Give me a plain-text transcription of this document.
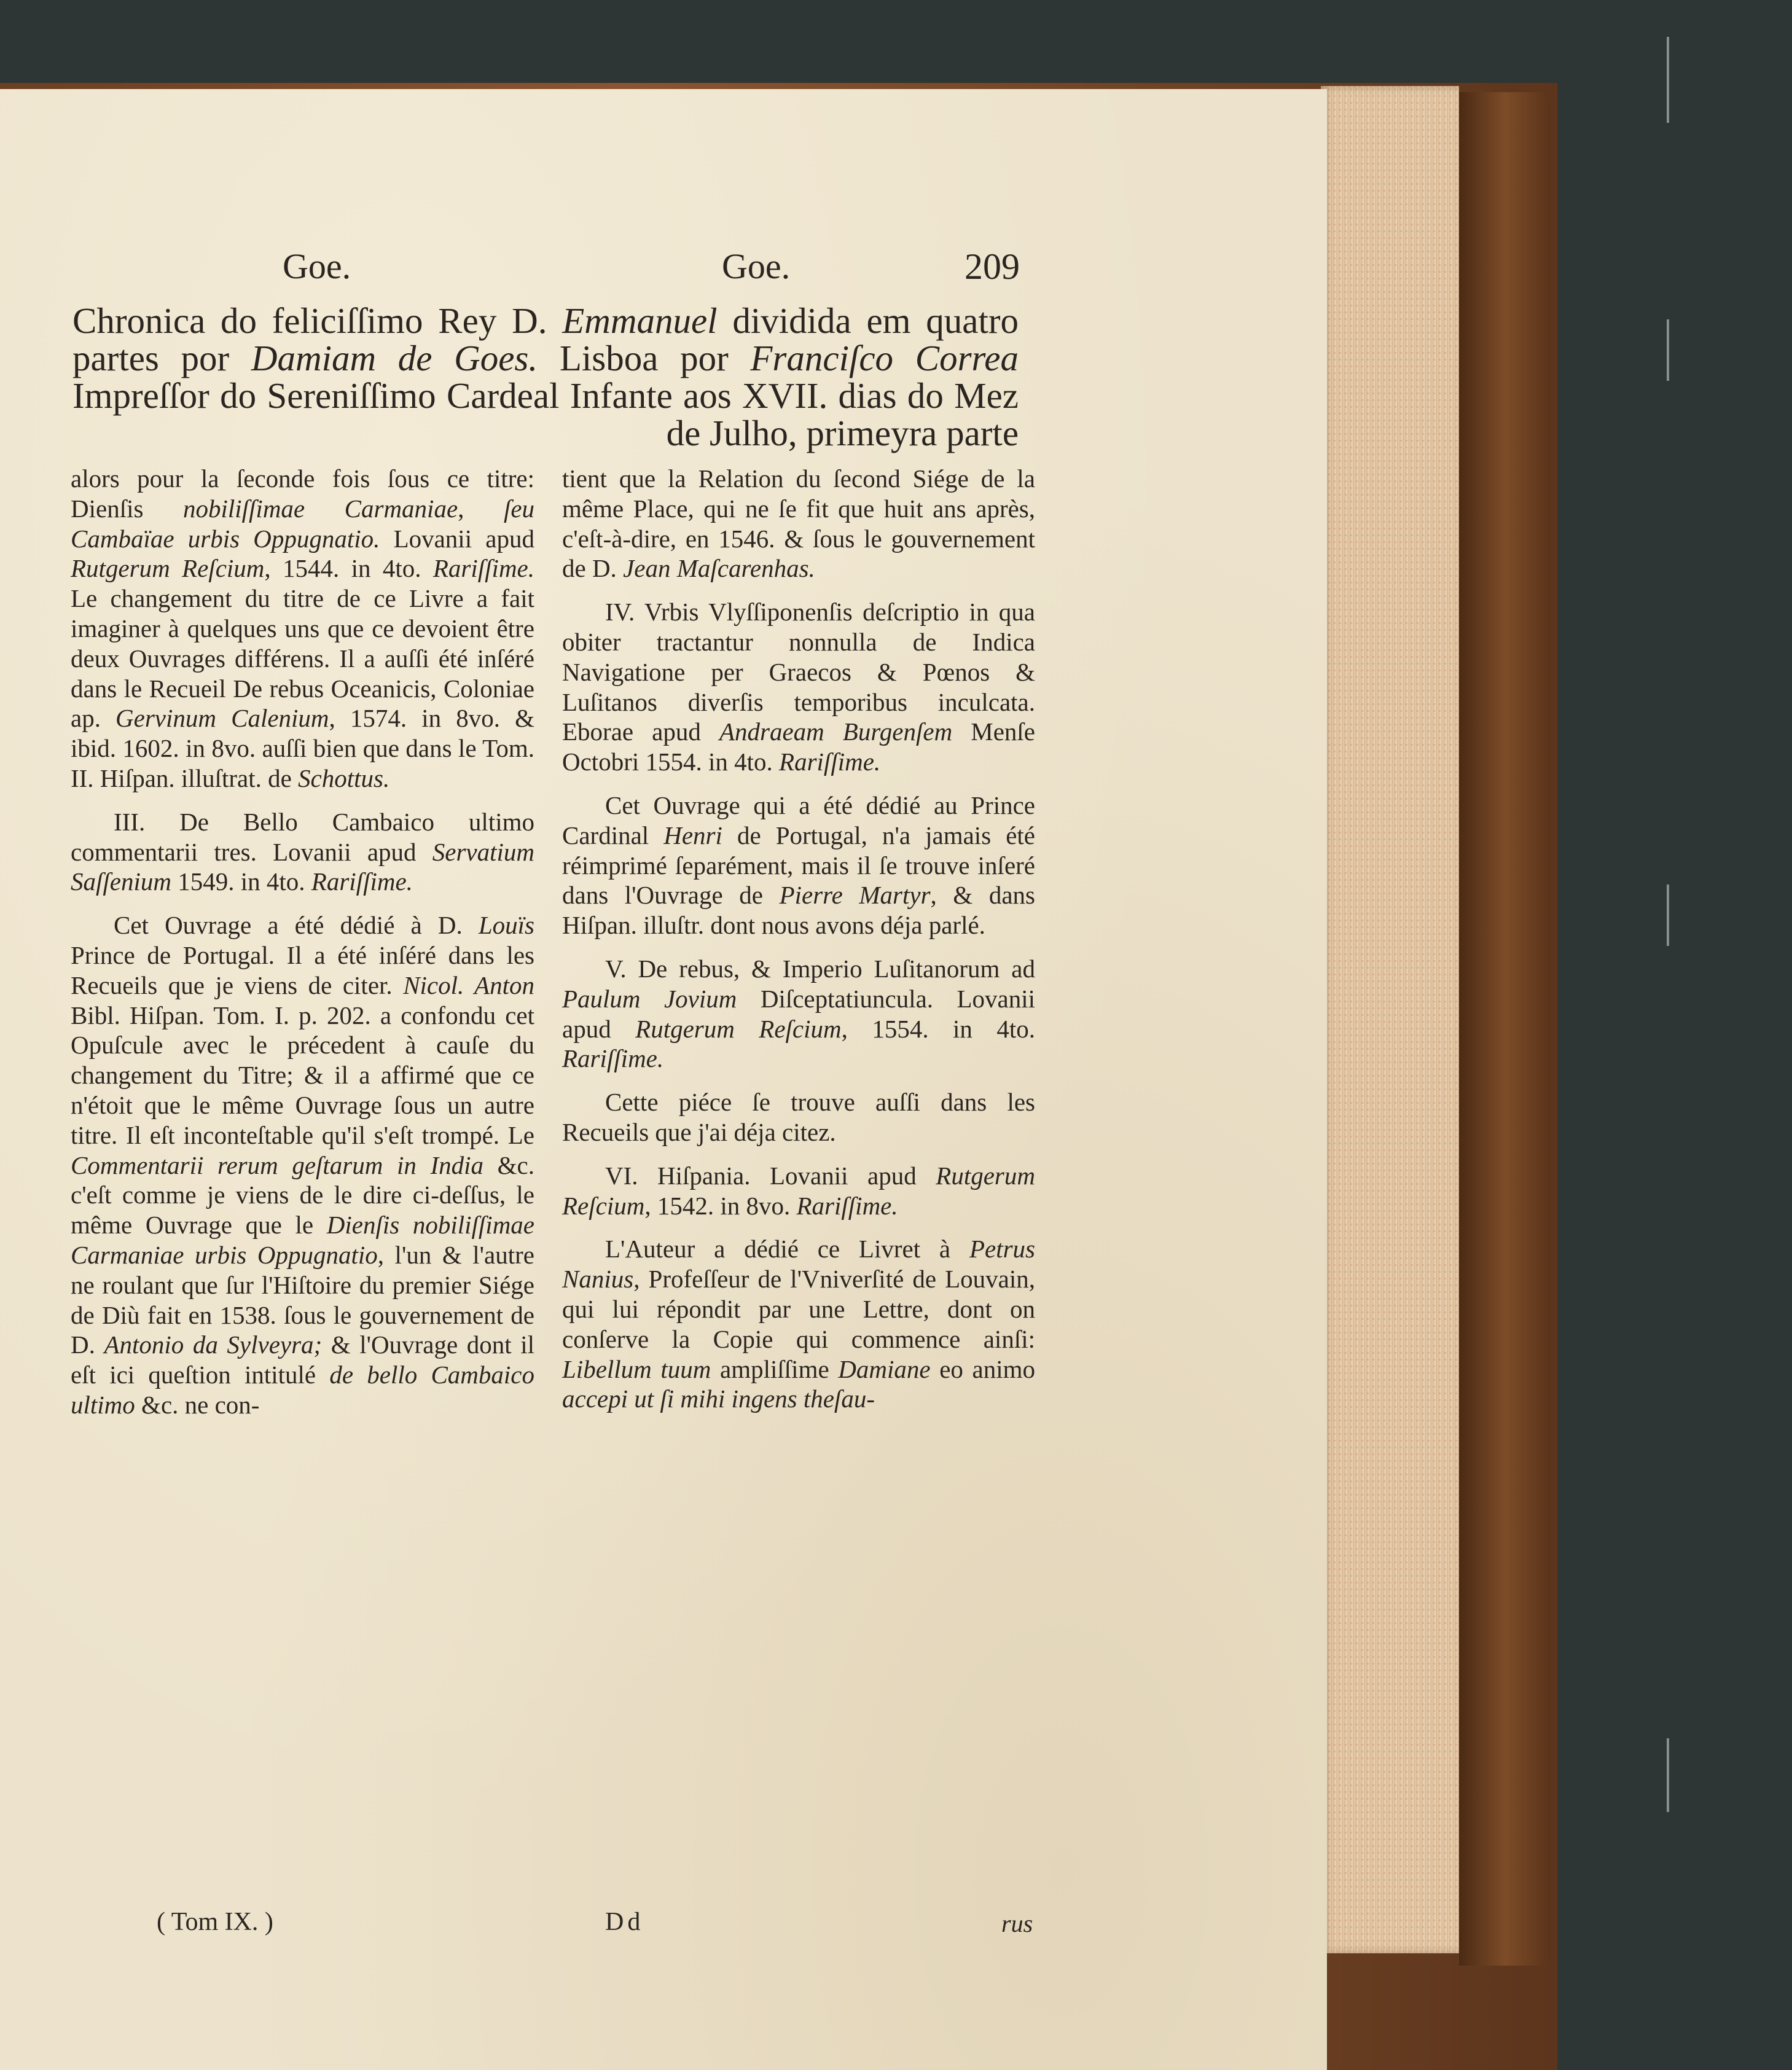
Goe.	Goe.	209
Chronica do feliciſſimo Rey D. Emmanuel dividida em quatro partes por Damiam de Goes. Lisboa por Franciſco Correa Impreſſor do Sereniſſimo Cardeal Infante aos XVII. dias do Mez de Julho, primeyra parte

alors pour la ſeconde fois ſous ce titre: Dienſis nobiliſſimae Carmaniae, ſeu Cambaïae urbis Oppugnatio. Lovanii apud Rutgerum Reſcium, 1544. in 4to. Rariſſime. Le changement du titre de ce Livre a fait imaginer à quelques uns que ce devoient être deux Ouvrages différens. Il a auſſi été inſéré dans le Recueil De rebus Oceanicis, Coloniae ap. Gervinum Calenium, 1574. in 8vo. & ibid. 1602. in 8vo. auſſi bien que dans le Tom. II. Hiſpan. illuſtrat. de Schottus.

III. De Bello Cambaico ultimo commentarii tres. Lovanii apud Servatium Saſſenium 1549. in 4to. Rariſſime.

Cet Ouvrage a été dédié à D. Louïs Prince de Portugal. Il a été inſéré dans les Recueils que je viens de citer. Nicol. Anton Bibl. Hiſpan. Tom. I. p. 202. a confondu cet Opuſcule avec le précedent à cauſe du changement du Titre; & il a affirmé que ce n'étoit que le même Ouvrage ſous un autre titre. Il eſt inconteſtable qu'il s'eſt trompé. Le Commentarii rerum geſtarum in India &c. c'eſt comme je viens de le dire ci-deſſus, le même Ouvrage que le Dienſis nobiliſſimae Carmaniae urbis Oppugnatio, l'un & l'autre ne roulant que ſur l'Hiſtoire du premier Siége de Diù fait en 1538. ſous le gouvernement de D. Antonio da Sylveyra; & l'Ouvrage dont il eſt ici queſtion intitulé de bello Cambaico ultimo &c. ne con-

tient que la Relation du ſecond Siége de la même Place, qui ne ſe fit que huit ans après, c'eſt-à-dire, en 1546. & ſous le gouvernement de D. Jean Maſcarenhas.

IV. Vrbis Vlyſſiponenſis deſcriptio in qua obiter tractantur nonnulla de Indica Navigatione per Graecos & Pœnos & Luſitanos diverſis temporibus inculcata. Eborae apud Andraeam Burgenſem Menſe Octobri 1554. in 4to. Rariſſime.

Cet Ouvrage qui a été dédié au Prince Cardinal Henri de Portugal, n'a jamais été réimprimé ſeparément, mais il ſe trouve inſeré dans l'Ouvrage de Pierre Martyr, & dans Hiſpan. illuſtr. dont nous avons déja parlé.

V. De rebus, & Imperio Luſitanorum ad Paulum Jovium Diſceptatiuncula. Lovanii apud Rutgerum Reſcium, 1554. in 4to. Rariſſime.

Cette piéce ſe trouve auſſi dans les Recueils que j'ai déja citez.

VI. Hiſpania. Lovanii apud Rutgerum Reſcium, 1542. in 8vo. Rariſſime.

L'Auteur a dédié ce Livret à Petrus Nanius, Profeſſeur de l'Vniverſité de Louvain, qui lui répondit par une Lettre, dont on conſerve la Copie qui commence ainſi: Libellum tuum ampliſſime Damiane eo animo accepi ut ſi mihi ingens theſau-

( Tom IX. )	Dd	rus
